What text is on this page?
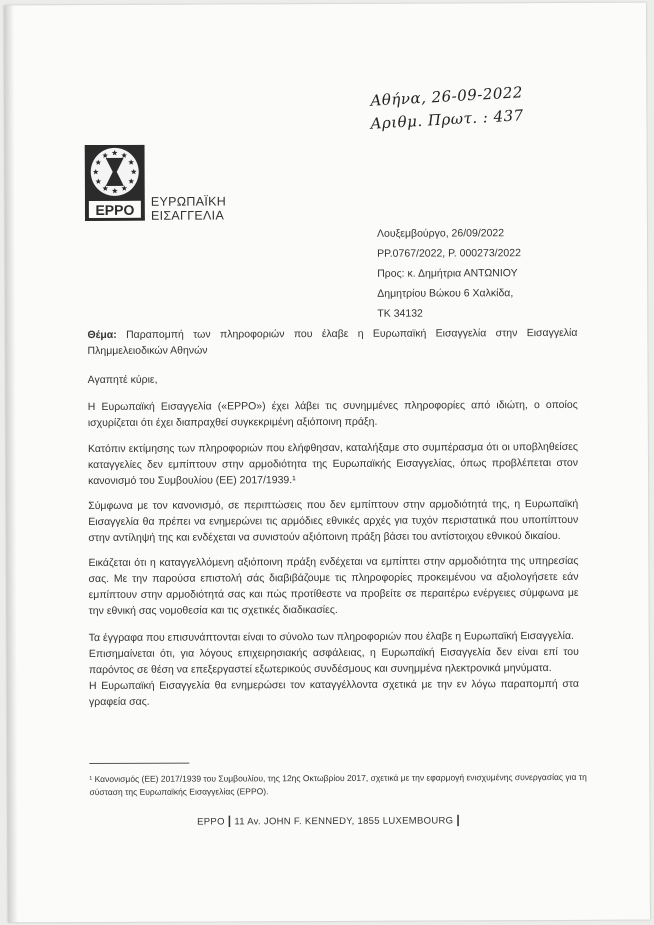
Αθήνα, 26-09-2022
Αριθμ. Πρωτ. : 437
EPPO
ΕΥΡΩΠΑΪΚΗ
ΕΙΣΑΓΓΕΛΙΑ
Λουξεμβούργο, 26/09/2022
PP.0767/2022, P. 000273/2022
Προς: κ. Δημήτρια ΑΝΤΩΝΙΟΥ
Δημητρίου Βώκου 6 Χαλκίδα,
ΤΚ 34132
Θέμα: Παραπομπή των πληροφοριών που έλαβε η Ευρωπαϊκή Εισαγγελία στην Εισαγγελία Πλημμελειοδικών Αθηνών
Αγαπητέ κύριε,
Η Ευρωπαϊκή Εισαγγελία («ΕΡΡΟ») έχει λάβει τις συνημμένες πληροφορίες από ιδιώτη, ο οποίος ισχυρίζεται ότι έχει διαπραχθεί συγκεκριμένη αξιόποινη πράξη.
Κατόπιν εκτίμησης των πληροφοριών που ελήφθησαν, καταλήξαμε στο συμπέρασμα ότι οι υποβληθείσες καταγγελίες δεν εμπίπτουν στην αρμοδιότητα της Ευρωπαϊκής Εισαγγελίας, όπως προβλέπεται στον κανονισμό του Συμβουλίου (ΕΕ) 2017/1939.¹
Σύμφωνα με τον κανονισμό, σε περιπτώσεις που δεν εμπίπτουν στην αρμοδιότητά της, η Ευρωπαϊκή Εισαγγελία θα πρέπει να ενημερώνει τις αρμόδιες εθνικές αρχές για τυχόν περιστατικά που υποπίπτουν στην αντίληψή της και ενδέχεται να συνιστούν αξιόποινη πράξη βάσει του αντίστοιχου εθνικού δικαίου.
Εικάζεται ότι η καταγγελλόμενη αξιόποινη πράξη ενδέχεται να εμπίπτει στην αρμοδιότητα της υπηρεσίας σας. Με την παρούσα επιστολή σάς διαβιβάζουμε τις πληροφορίες προκειμένου να αξιολογήσετε εάν εμπίπτουν στην αρμοδιότητά σας και πώς προτίθεστε να προβείτε σε περαιτέρω ενέργειες σύμφωνα με την εθνική σας νομοθεσία και τις σχετικές διαδικασίες.
Τα έγγραφα που επισυνάπτονται είναι το σύνολο των πληροφοριών που έλαβε η Ευρωπαϊκή Εισαγγελία.
Επισημαίνεται ότι, για λόγους επιχειρησιακής ασφάλειας, η Ευρωπαϊκή Εισαγγελία δεν είναι επί του παρόντος σε θέση να επεξεργαστεί εξωτερικούς συνδέσμους και συνημμένα ηλεκτρονικά μηνύματα.
Η Ευρωπαϊκή Εισαγγελία θα ενημερώσει τον καταγγέλλοντα σχετικά με την εν λόγω παραπομπή στα γραφεία σας.
¹ Κανονισμός (ΕΕ) 2017/1939 του Συμβουλίου, της 12ης Οκτωβρίου 2017, σχετικά με την εφαρμογή ενισχυμένης συνεργασίας για τη σύσταση της Ευρωπαϊκής Εισαγγελίας (ΕΡΡΟ).
EPPO | 11 Av. JOHN F. KENNEDY, 1855 LUXEMBOURG |
